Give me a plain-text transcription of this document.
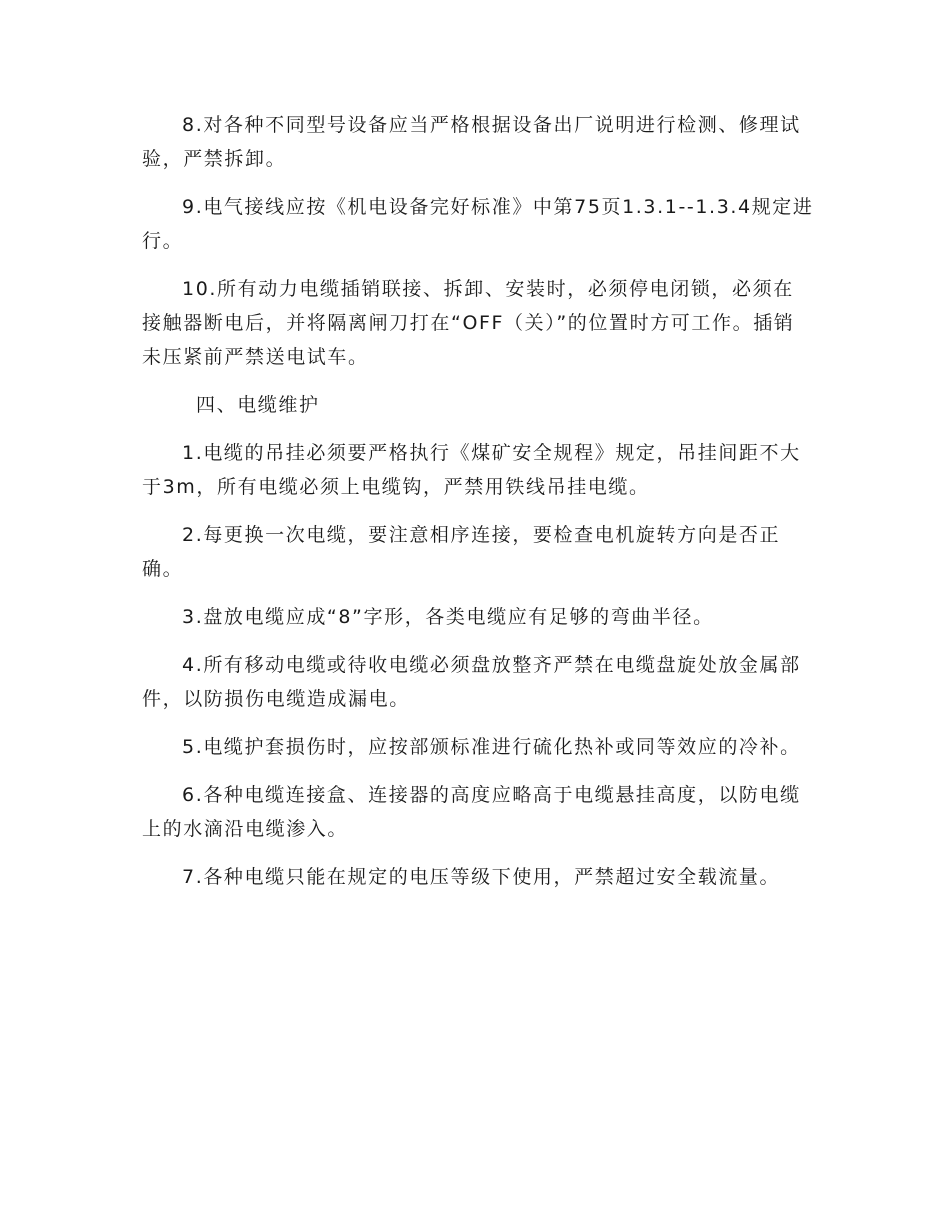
8.对各种不同型号设备应当严格根据设备出厂说明进行检测、修理试验，严禁拆卸。

9.电气接线应按《机电设备完好标准》中第75页1.3.1--1.3.4规定进行。

10.所有动力电缆插销联接、拆卸、安装时，必须停电闭锁，必须在接触器断电后，并将隔离闸刀打在“OFF（关）”的位置时方可工作。插销未压紧前严禁送电试车。

四、电缆维护

1.电缆的吊挂必须要严格执行《煤矿安全规程》规定，吊挂间距不大于3m，所有电缆必须上电缆钩，严禁用铁线吊挂电缆。

2.每更换一次电缆，要注意相序连接，要检查电机旋转方向是否正确。

3.盘放电缆应成“8”字形，各类电缆应有足够的弯曲半径。

4.所有移动电缆或待收电缆必须盘放整齐严禁在电缆盘旋处放金属部件，以防损伤电缆造成漏电。

5.电缆护套损伤时，应按部颁标准进行硫化热补或同等效应的冷补。

6.各种电缆连接盒、连接器的高度应略高于电缆悬挂高度，以防电缆上的水滴沿电缆渗入。

7.各种电缆只能在规定的电压等级下使用，严禁超过安全载流量。
